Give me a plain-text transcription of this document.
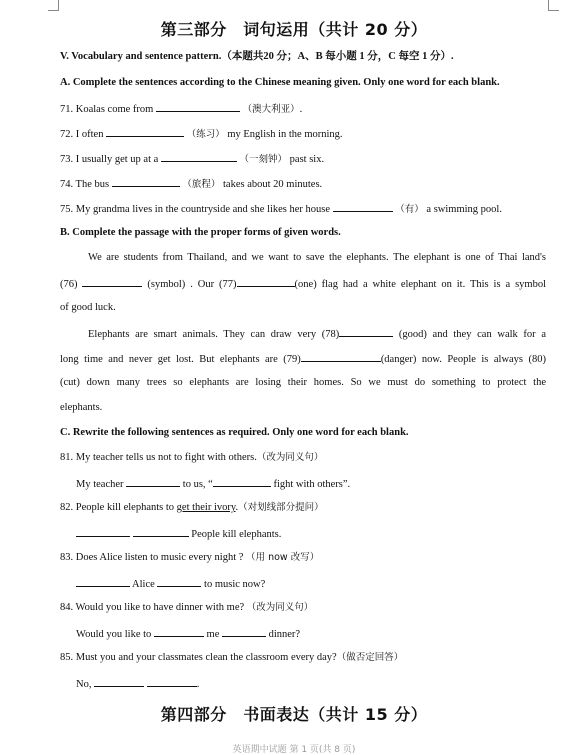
第三部分　词句运用（共计 20 分）
V. Vocabulary and sentence pattern.（本题共20 分；A、B 每小题 1 分，C 每空 1 分）.
A. Complete the sentences according to the Chinese meaning given. Only one word for each blank.
71. Koalas come from	（澳大利亚）.
72. I often	（练习） my English in the morning.
73. I usually get up at a	（一刻钟） past six.
74. The bus	（旅程） takes about 20 minutes.
75. My grandma lives in the countryside and she likes her house	（有） a swimming pool.
B. Complete the passage with the proper forms of given words.
We are students from Thailand, and we want to save the elephants. The elephant is one of Thai land's
(76)	(symbol) . Our (77)	(one) flag had a white elephant on it. This is a symbol
of good luck.
Elephants are smart animals. They can draw very (78)	(good) and they can walk for a
long time and never get lost. But elephants are (79)	(danger) now. People is always (80)
(cut) down many trees so elephants are losing their homes. So we must do something to protect the
elephants.
C. Rewrite the following sentences as required. Only one word for each blank.
81. My teacher tells us not to fight with others.（改为同义句）
My teacher	to us, “	fight with others”.
82. People kill elephants to get their ivory.（对划线部分提问）
People kill elephants.
83. Does Alice listen to music every night ? （用 now 改写）
Alice	to music now?
84. Would you like to have dinner with me? （改为同义句）
Would you like to	me	dinner?
85. Must you and your classmates clean the classroom every day?（做否定回答）
No,	.
第四部分　书面表达（共计 15 分）
英语期中试题 第 1 页(共 8 页)
